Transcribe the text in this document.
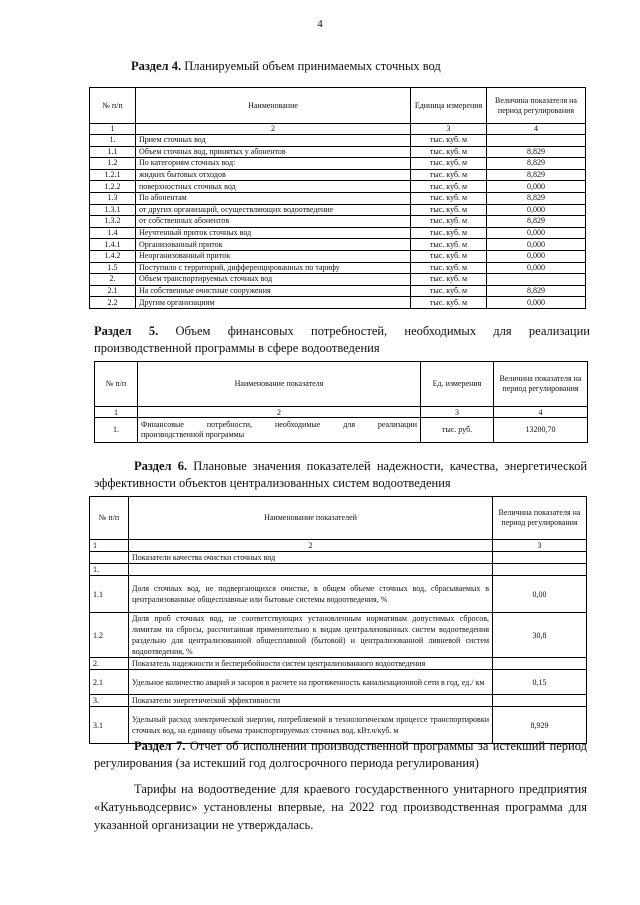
4
Раздел 4. Планируемый объем принимаемых сточных вод
№ п/п	Наименование	Единица измерения	Величина показателя на период регулирования
1	2	3	4
1.	Прием сточных вод	тыс. куб. м	
1.1	Объем сточных вод, принятых у абонентов	тыс. куб. м	8,829
1.2	По категориям сточных вод:	тыс. куб. м	8,829
1.2.1	жидких бытовых отходов	тыс. куб. м	8,829
1.2.2	поверхностных сточных вод	тыс. куб. м	0,000
1.3	По абонентам	тыс. куб. м	8,829
1.3.1	от других организаций, осуществляющих водоотведение	тыс. куб. м	0,000
1.3.2	от собственных абонентов	тыс. куб. м	8,829
1.4	Неучтенный приток сточных вод	тыс. куб. м	0,000
1.4.1	Организованный приток	тыс. куб. м	0,000
1.4.2	Неорганизованный приток	тыс. куб. м	0,000
1.5	Поступило с территорий, дифференцированных по тарифу	тыс. куб. м	0,000
2.	Объем транспортируемых сточных вод	тыс. куб. м	
2.1	На собственные очистные сооружения	тыс. куб. м	8,829
2.2	Другим организациям	тыс. куб. м	0,000
Раздел 5. Объем финансовых потребностей, необходимых для реализации
производственной программы в сфере водоотведения
№ п/п	Наименование показателя	Ед. измерения	Величина показателя на период регулирования
1	2	3	4
1.	Финансовые потребности, необходимые для реализации
производственной программы	тыс. руб.	13200,70
Раздел 6. Плановые значения показателей надежности, качества, энергетической
эффективности объектов централизованных систем водоотведения
№ п/п	Наименование показателей	Величина показателя на период регулирования
1	2	3
	Показатели качества очистки сточных вод	
1.		
1.1	Доля сточных вод, не подвергающихся очистке, в общем объеме сточных вод, сбрасываемых в централизованные общесплавные или бытовые системы водоотведения, %	0,00
1.2	Доля проб сточных вод, не соответствующих установленным нормативам допустимых сбросов, лимитам на сбросы, рассчитанная применительно к видам централизованных систем водоотведения раздельно для централизованной общесплавной (бытовой) и централизованной ливневой систем водоотведения, %	30,8
2.	Показатель надежности и бесперебойности систем централизованного водоотведения	
2.1	Удельное количество аварий и засоров в расчете на протяженность канализационной сети в год, ед./ км	0,15
3.	Показатели энергетической эффективности	
3.1	Удельный расход электрической энергии, потребляемой в технологическом процессе транспортировки сточных вод, на единицу объема транспортируемых сточных вод, кВт.ч/куб. м	8,929
Раздел 7. Отчет об исполнении производственной программы за истекший период
регулирования (за истекший год долгосрочного периода регулирования)
Тарифы на водоотведение для краевого государственного унитарного предприятия
«Катуньводсервис» установлены впервые, на 2022 год производственная программа для
указанной организации не утверждалась.
